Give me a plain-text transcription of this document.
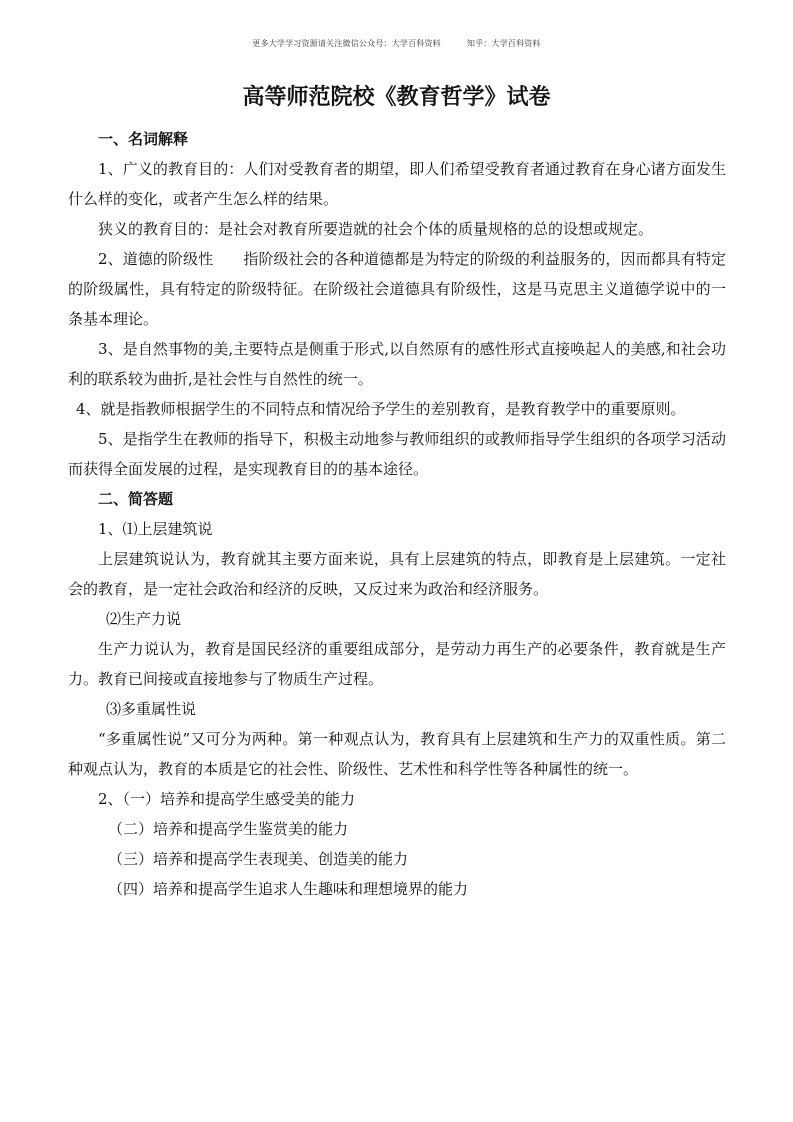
更多大学学习资源请关注微信公众号：大学百科资料	知乎：大学百科资料
高等师范院校《教育哲学》试卷

一、名词解释

1、广义的教育目的：人们对受教育者的期望，即人们希望受教育者通过教育在身心诸方面发生什么样的变化，或者产生怎么样的结果。

狭义的教育目的：是社会对教育所要造就的社会个体的质量规格的总的设想或规定。

2、道德的阶级性　　指阶级社会的各种道德都是为特定的阶级的利益服务的，因而都具有特定的阶级属性，具有特定的阶级特征。在阶级社会道德具有阶级性，这是马克思主义道德学说中的一条基本理论。

3、是自然事物的美,主要特点是侧重于形式,以自然原有的感性形式直接唤起人的美感,和社会功利的联系较为曲折,是社会性与自然性的统一。

4、就是指教师根据学生的不同特点和情况给予学生的差别教育，是教育教学中的重要原则。

5、是指学生在教师的指导下，积极主动地参与教师组织的或教师指导学生组织的各项学习活动而获得全面发展的过程，是实现教育目的的基本途径。

二、简答题

1、⑴上层建筑说

上层建筑说认为，教育就其主要方面来说，具有上层建筑的特点，即教育是上层建筑。一定社会的教育，是一定社会政治和经济的反映，又反过来为政治和经济服务。

⑵生产力说

生产力说认为，教育是国民经济的重要组成部分，是劳动力再生产的必要条件，教育就是生产力。教育已间接或直接地参与了物质生产过程。

⑶多重属性说

“多重属性说”又可分为两种。第一种观点认为，教育具有上层建筑和生产力的双重性质。第二种观点认为，教育的本质是它的社会性、阶级性、艺术性和科学性等各种属性的统一。

2、（一）培养和提高学生感受美的能力

（二）培养和提高学生鉴赏美的能力

（三）培养和提高学生表现美、创造美的能力

（四）培养和提高学生追求人生趣味和理想境界的能力
